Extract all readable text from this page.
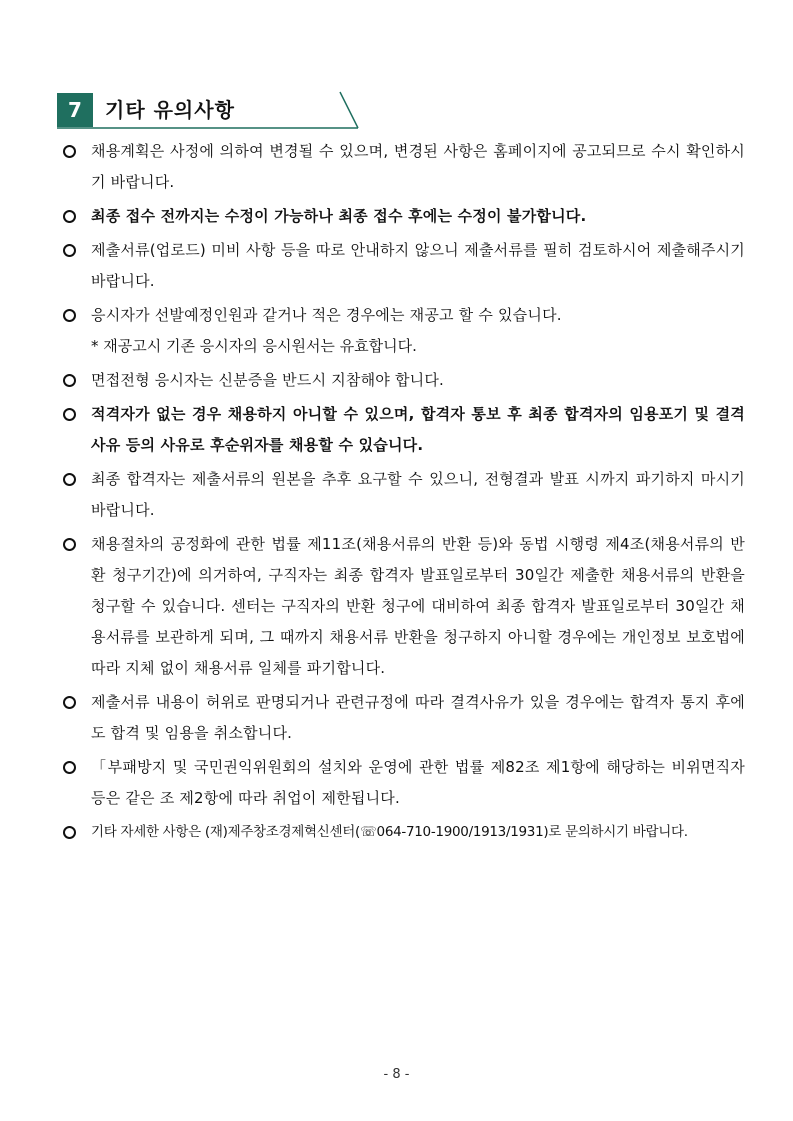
7	기타 유의사항
채용계획은 사정에 의하여 변경될 수 있으며, 변경된 사항은 홈페이지에 공고되므로 수시 확인하시기 바랍니다.
최종 접수 전까지는 수정이 가능하나 최종 접수 후에는 수정이 불가합니다.
제출서류(업로드) 미비 사항 등을 따로 안내하지 않으니 제출서류를 필히 검토하시어 제출해주시기 바랍니다.
응시자가 선발예정인원과 같거나 적은 경우에는 재공고 할 수 있습니다.
* 재공고시 기존 응시자의 응시원서는 유효합니다.
면접전형 응시자는 신분증을 반드시 지참해야 합니다.
적격자가 없는 경우 채용하지 아니할 수 있으며, 합격자 통보 후 최종 합격자의 임용포기 및 결격사유 등의 사유로 후순위자를 채용할 수 있습니다.
최종 합격자는 제출서류의 원본을 추후 요구할 수 있으니, 전형결과 발표 시까지 파기하지 마시기 바랍니다.
채용절차의 공정화에 관한 법률 제11조(채용서류의 반환 등)와 동법 시행령 제4조(채용서류의 반환 청구기간)에 의거하여, 구직자는 최종 합격자 발표일로부터 30일간 제출한 채용서류의 반환을 청구할 수 있습니다. 센터는 구직자의 반환 청구에 대비하여 최종 합격자 발표일로부터 30일간 채용서류를 보관하게 되며, 그 때까지 채용서류 반환을 청구하지 아니할 경우에는 개인정보 보호법에 따라 지체 없이 채용서류 일체를 파기합니다.
제출서류 내용이 허위로 판명되거나 관련규정에 따라 결격사유가 있을 경우에는 합격자 통지 후에도 합격 및 임용을 취소합니다.
「부패방지 및 국민권익위원회의 설치와 운영에 관한 법률 제82조 제1항에 해당하는 비위면직자 등은 같은 조 제2항에 따라 취업이 제한됩니다.
기타 자세한 사항은 (재)제주창조경제혁신센터(☏064-710-1900/1913/1931)로 문의하시기 바랍니다.
- 8 -
